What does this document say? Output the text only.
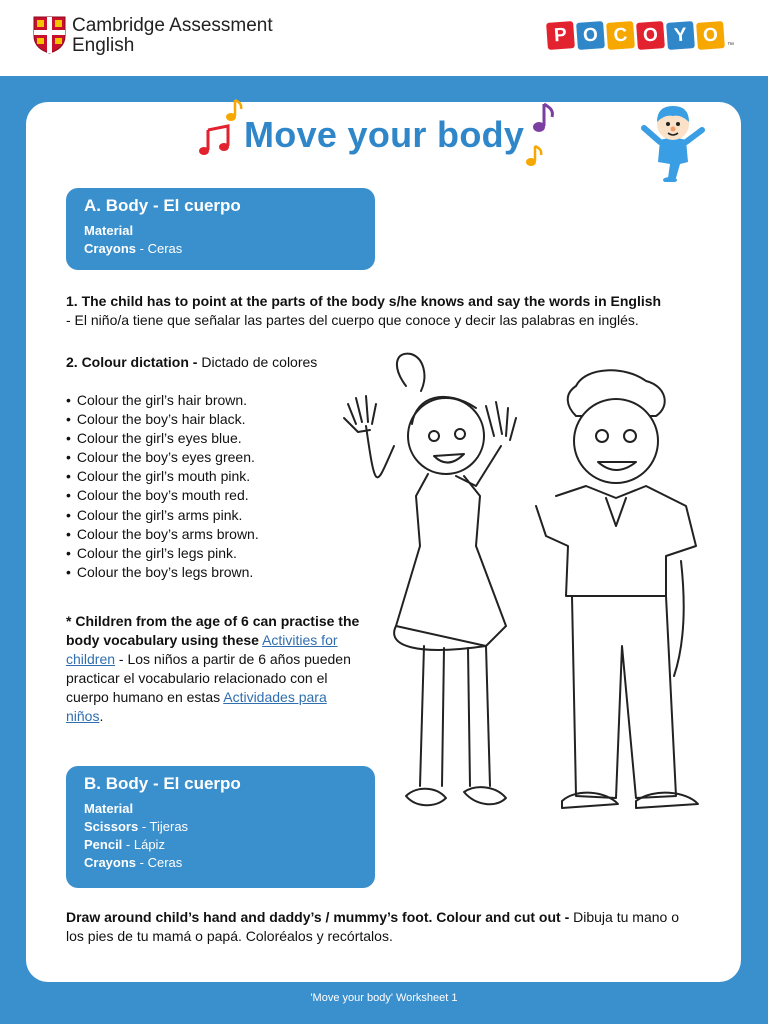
Cambridge Assessment
English	P O C O Y O	™
Move your body
A. Body - El cuerpo
Material
Crayons - Ceras
1. The child has to point at the parts of the body s/he knows and say the words in English
- El niño/a tiene que señalar las partes del cuerpo que conoce y decir las palabras en inglés.
2. Colour dictation - Dictado de colores
• Colour the girl’s hair brown.
• Colour the boy’s hair black.
• Colour the girl’s eyes blue.
• Colour the boy’s eyes green.
• Colour the girl’s mouth pink.
• Colour the boy’s mouth red.
• Colour the girl’s arms pink.
• Colour the boy’s arms brown.
• Colour the girl’s legs pink.
• Colour the boy’s legs brown.
* Children from the age of 6 can practise the body vocabulary using these Activities for children - Los niños a partir de 6 años pueden practicar el vocabulario relacionado con el cuerpo humano en estas Actividades para niños.
B. Body - El cuerpo
Material
Scissors - Tijeras
Pencil - Lápiz
Crayons - Ceras
Draw around child’s hand and daddy’s / mummy’s foot. Colour and cut out - Dibuja tu mano o los pies de tu mamá o papá. Coloréalos y recórtalos.
'Move your body' Worksheet 1
